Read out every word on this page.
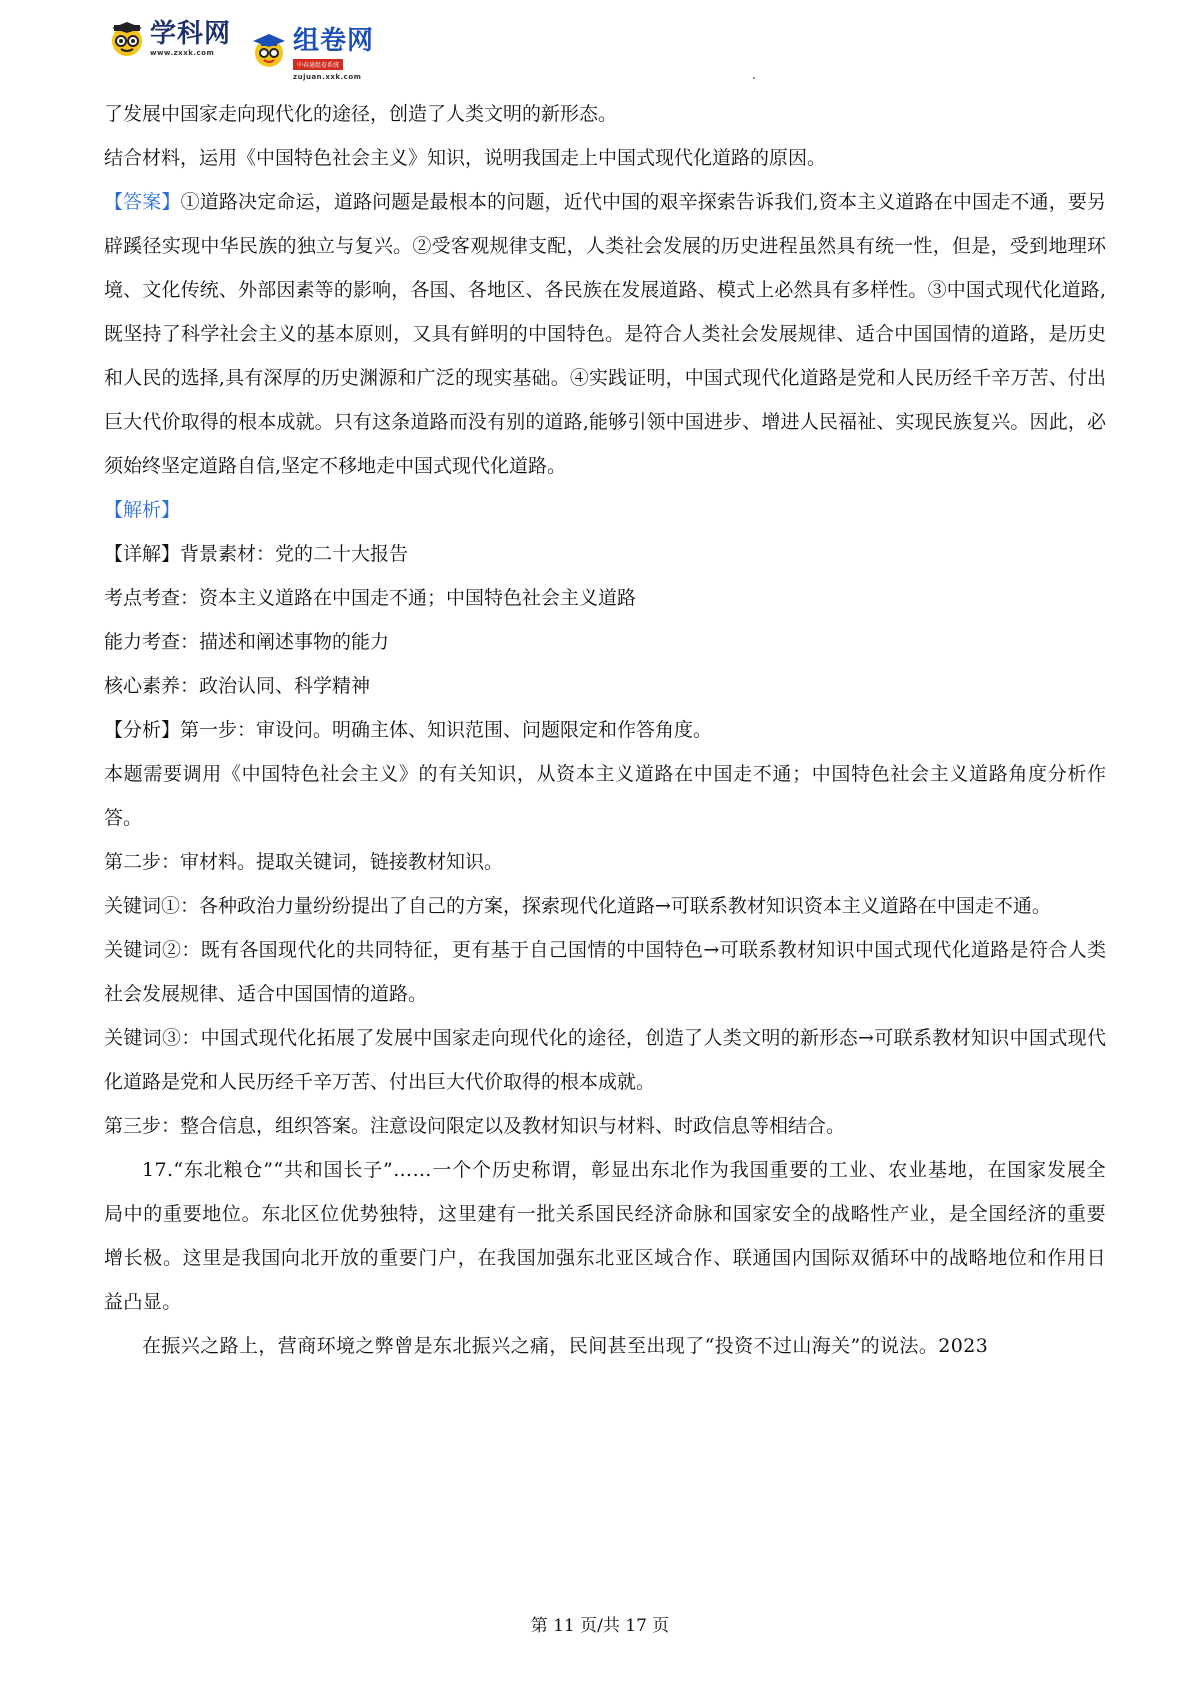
学科网
www.zxxk.com	组卷网
中春通组卷系统
zujuan.xxk.com

了发展中国家走向现代化的途径，创造了人类文明的新形态。

结合材料，运用《中国特色社会主义》知识，说明我国走上中国式现代化道路的原因。

【答案】①道路决定命运，道路问题是最根本的问题，近代中国的艰辛探索告诉我们,资本主义道路在中国走不通，要另辟蹊径实现中华民族的独立与复兴。②受客观规律支配，人类社会发展的历史进程虽然具有统一性，但是，受到地理环境、文化传统、外部因素等的影响，各国、各地区、各民族在发展道路、模式上必然具有多样性。③中国式现代化道路,既坚持了科学社会主义的基本原则，又具有鲜明的中国特色。是符合人类社会发展规律、适合中国国情的道路，是历史和人民的选择,具有深厚的历史渊源和广泛的现实基础。④实践证明，中国式现代化道路是党和人民历经千辛万苦、付出巨大代价取得的根本成就。只有这条道路而没有别的道路,能够引领中国进步、增进人民福祉、实现民族复兴。因此，必须始终坚定道路自信,坚定不移地走中国式现代化道路。

【解析】

【详解】背景素材：党的二十大报告

考点考查：资本主义道路在中国走不通；中国特色社会主义道路

能力考查：描述和阐述事物的能力

核心素养：政治认同、科学精神

【分析】第一步：审设问。明确主体、知识范围、问题限定和作答角度。

本题需要调用《中国特色社会主义》的有关知识，从资本主义道路在中国走不通；中国特色社会主义道路角度分析作答。

第二步：审材料。提取关键词，链接教材知识。

关键词①：各种政治力量纷纷提出了自己的方案，探索现代化道路→可联系教材知识资本主义道路在中国走不通。

关键词②：既有各国现代化的共同特征，更有基于自己国情的中国特色→可联系教材知识中国式现代化道路是符合人类社会发展规律、适合中国国情的道路。

关键词③：中国式现代化拓展了发展中国家走向现代化的途径，创造了人类文明的新形态→可联系教材知识中国式现代化道路是党和人民历经千辛万苦、付出巨大代价取得的根本成就。

第三步：整合信息，组织答案。注意设问限定以及教材知识与材料、时政信息等相结合。

17.“东北粮仓”“共和国长子”……一个个历史称谓，彰显出东北作为我国重要的工业、农业基地，在国家发展全局中的重要地位。东北区位优势独特，这里建有一批关系国民经济命脉和国家安全的战略性产业，是全国经济的重要增长极。这里是我国向北开放的重要门户，在我国加强东北亚区域合作、联通国内国际双循环中的战略地位和作用日益凸显。

在振兴之路上，营商环境之弊曾是东北振兴之痛，民间甚至出现了“投资不过山海关”的说法。2023

第 11 页/共 17 页
